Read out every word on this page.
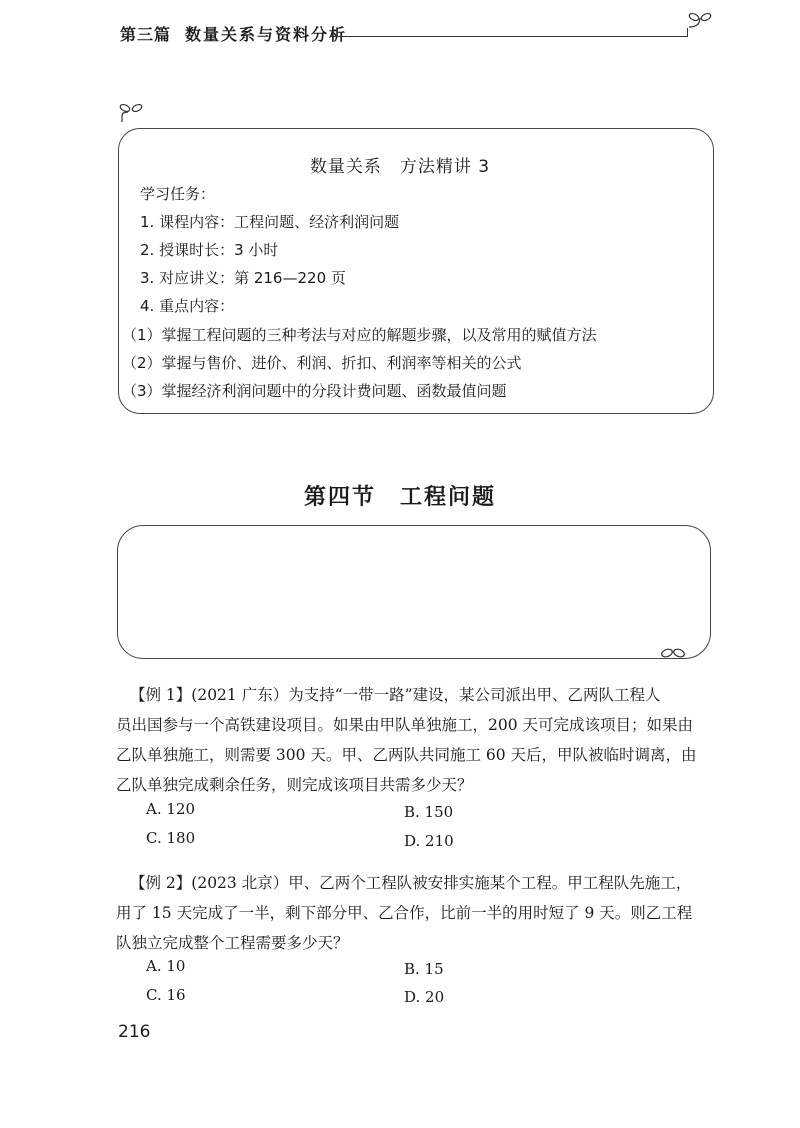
第三篇 数量关系与资料分析
数量关系　方法精讲 3
学习任务：
1. 课程内容：工程问题、经济利润问题
2. 授课时长：3 小时
3. 对应讲义：第 216—220 页
4. 重点内容：
（1）掌握工程问题的三种考法与对应的解题步骤，以及常用的赋值方法
（2）掌握与售价、进价、利润、折扣、利润率等相关的公式
（3）掌握经济利润问题中的分段计费问题、函数最值问题
第四节　工程问题
【例 1】(2021 广东）为支持“一带一路”建设，某公司派出甲、乙两队工程人
员出国参与一个高铁建设项目。如果由甲队单独施工，200 天可完成该项目；如果由
乙队单独施工，则需要 300 天。甲、乙两队共同施工 60 天后，甲队被临时调离，由
乙队单独完成剩余任务，则完成该项目共需多少天？
A. 120	B. 150
C. 180	D. 210
【例 2】(2023 北京）甲、乙两个工程队被安排实施某个工程。甲工程队先施工，
用了 15 天完成了一半，剩下部分甲、乙合作，比前一半的用时短了 9 天。则乙工程
队独立完成整个工程需要多少天？
A. 10	B. 15
C. 16	D. 20
216
